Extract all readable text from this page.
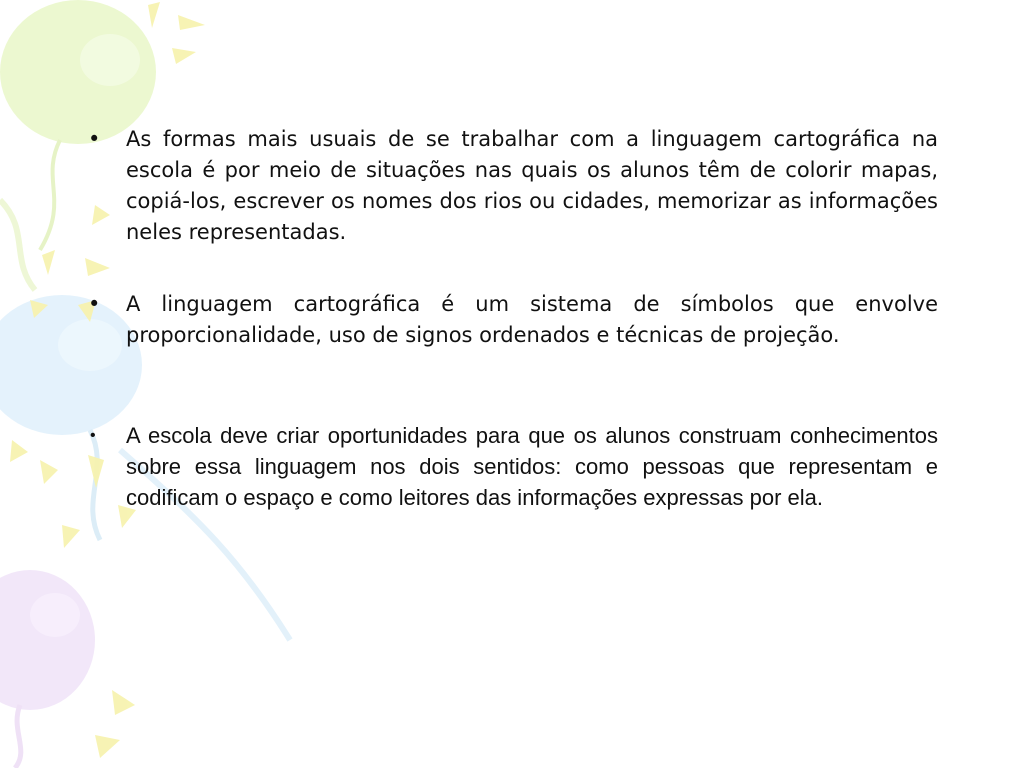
• As formas mais usuais de se trabalhar com a linguagem cartográfica na escola é por meio de situações nas quais os alunos têm de colorir mapas, copiá-los, escrever os nomes dos rios ou cidades, memorizar as informações neles representadas.
• A linguagem cartográfica é um sistema de símbolos que envolve proporcionalidade, uso de signos ordenados e técnicas de projeção.
• A escola deve criar oportunidades para que os alunos construam conhecimentos sobre essa linguagem nos dois sentidos: como pessoas que representam e codificam o espaço e como leitores das informações expressas por ela.
